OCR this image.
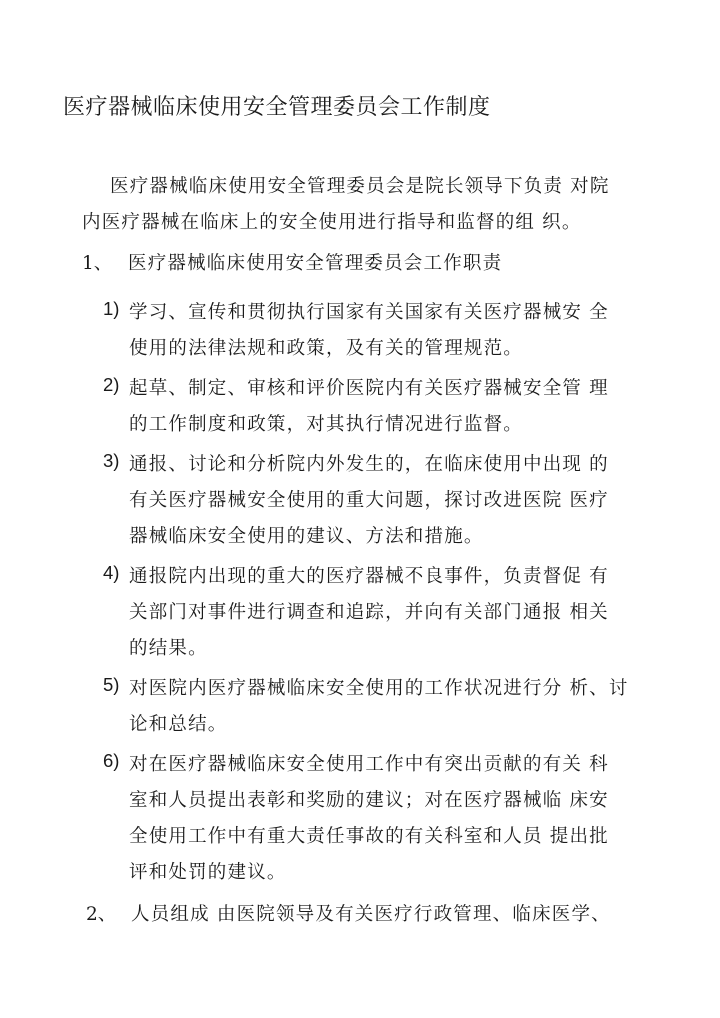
医疗器械临床使用安全管理委员会工作制度
医疗器械临床使用安全管理委员会是院长领导下负责 对院
内医疗器械在临床上的安全使用进行指导和监督的组 织。
1、 医疗器械临床使用安全管理委员会工作职责
1) 学习、宣传和贯彻执行国家有关国家有关医疗器械安 全
使用的法律法规和政策，及有关的管理规范。
2) 起草、制定、审核和评价医院内有关医疗器械安全管 理
的工作制度和政策，对其执行情况进行监督。
3) 通报、讨论和分析院内外发生的，在临床使用中出现 的
有关医疗器械安全使用的重大问题，探讨改进医院 医疗
器械临床安全使用的建议、方法和措施。
4) 通报院内出现的重大的医疗器械不良事件，负责督促 有
关部门对事件进行调查和追踪，并向有关部门通报 相关
的结果。
5) 对医院内医疗器械临床安全使用的工作状况进行分 析、讨
论和总结。
6) 对在医疗器械临床安全使用工作中有突出贡献的有关 科
室和人员提出表彰和奖励的建议；对在医疗器械临 床安
全使用工作中有重大责任事故的有关科室和人员 提出批
评和处罚的建议。
2、 人员组成 由医院领导及有关医疗行政管理、临床医学、
